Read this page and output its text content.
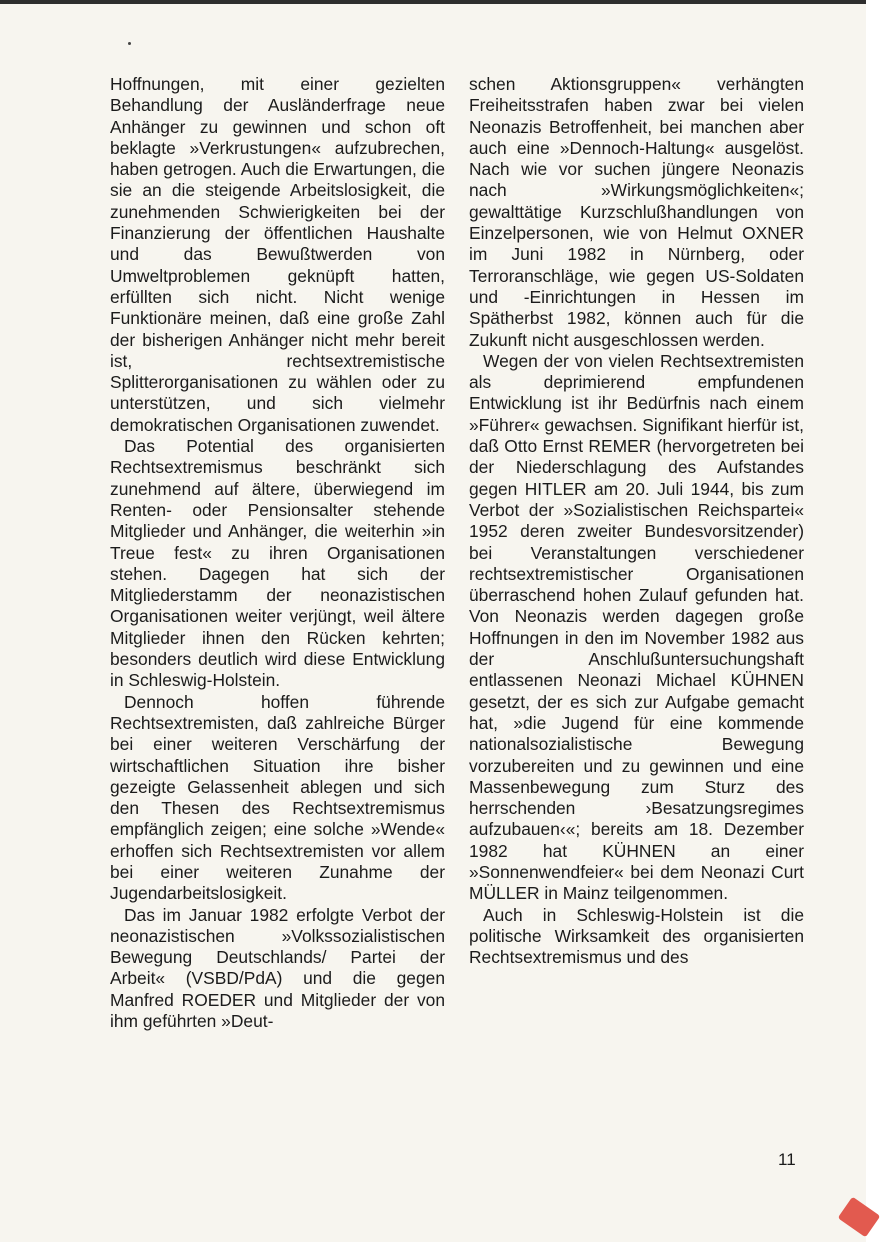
Hoffnungen, mit einer gezielten Behandlung der Ausländerfrage neue Anhänger zu gewinnen und schon oft beklagte »Verkrustungen« aufzubrechen, haben getrogen. Auch die Erwartungen, die sie an die steigende Arbeitslosigkeit, die zunehmenden Schwierigkeiten bei der Finanzierung der öffentlichen Haushalte und das Bewußtwerden von Umweltproblemen geknüpft hatten, erfüllten sich nicht. Nicht wenige Funktionäre meinen, daß eine große Zahl der bisherigen Anhänger nicht mehr bereit ist, rechtsextremistische Splitterorganisationen zu wählen oder zu unterstützen, und sich vielmehr demokratischen Organisationen zuwendet.

Das Potential des organisierten Rechtsextremismus beschränkt sich zunehmend auf ältere, überwiegend im Renten- oder Pensionsalter stehende Mitglieder und Anhänger, die weiterhin »in Treue fest« zu ihren Organisationen stehen. Dagegen hat sich der Mitgliederstamm der neonazistischen Organisationen weiter verjüngt, weil ältere Mitglieder ihnen den Rücken kehrten; besonders deutlich wird diese Entwicklung in Schleswig-Holstein.

Dennoch hoffen führende Rechtsextremisten, daß zahlreiche Bürger bei einer weiteren Verschärfung der wirtschaftlichen Situation ihre bisher gezeigte Gelassenheit ablegen und sich den Thesen des Rechtsextremismus empfänglich zeigen; eine solche »Wende« erhoffen sich Rechtsextremisten vor allem bei einer weiteren Zunahme der Jugendarbeitslosigkeit.

Das im Januar 1982 erfolgte Verbot der neonazistischen »Volkssozialistischen Bewegung Deutschlands/ Partei der Arbeit« (VSBD/PdA) und die gegen Manfred ROEDER und Mitglieder der von ihm geführten »Deut-

schen Aktionsgruppen« verhängten Freiheitsstrafen haben zwar bei vielen Neonazis Betroffenheit, bei manchen aber auch eine »Dennoch-Haltung« ausgelöst. Nach wie vor suchen jüngere Neonazis nach »Wirkungsmöglichkeiten«; gewalttätige Kurzschlußhandlungen von Einzelpersonen, wie von Helmut OXNER im Juni 1982 in Nürnberg, oder Terroranschläge, wie gegen US-Soldaten und -Einrichtungen in Hessen im Spätherbst 1982, können auch für die Zukunft nicht ausgeschlossen werden.

Wegen der von vielen Rechtsextremisten als deprimierend empfundenen Entwicklung ist ihr Bedürfnis nach einem »Führer« gewachsen. Signifikant hierfür ist, daß Otto Ernst REMER (hervorgetreten bei der Niederschlagung des Aufstandes gegen HITLER am 20. Juli 1944, bis zum Verbot der »Sozialistischen Reichspartei« 1952 deren zweiter Bundesvorsitzender) bei Veranstaltungen verschiedener rechtsextremistischer Organisationen überraschend hohen Zulauf gefunden hat. Von Neonazis werden dagegen große Hoffnungen in den im November 1982 aus der Anschlußuntersuchungshaft entlassenen Neonazi Michael KÜHNEN gesetzt, der es sich zur Aufgabe gemacht hat, »die Jugend für eine kommende nationalsozialistische Bewegung vorzubereiten und zu gewinnen und eine Massenbewegung zum Sturz des herrschenden ›Besatzungsregimes aufzubauen‹«; bereits am 18. Dezember 1982 hat KÜHNEN an einer »Sonnenwendfeier« bei dem Neonazi Curt MÜLLER in Mainz teilgenommen.

Auch in Schleswig-Holstein ist die politische Wirksamkeit des organisierten Rechtsextremismus und des

11
